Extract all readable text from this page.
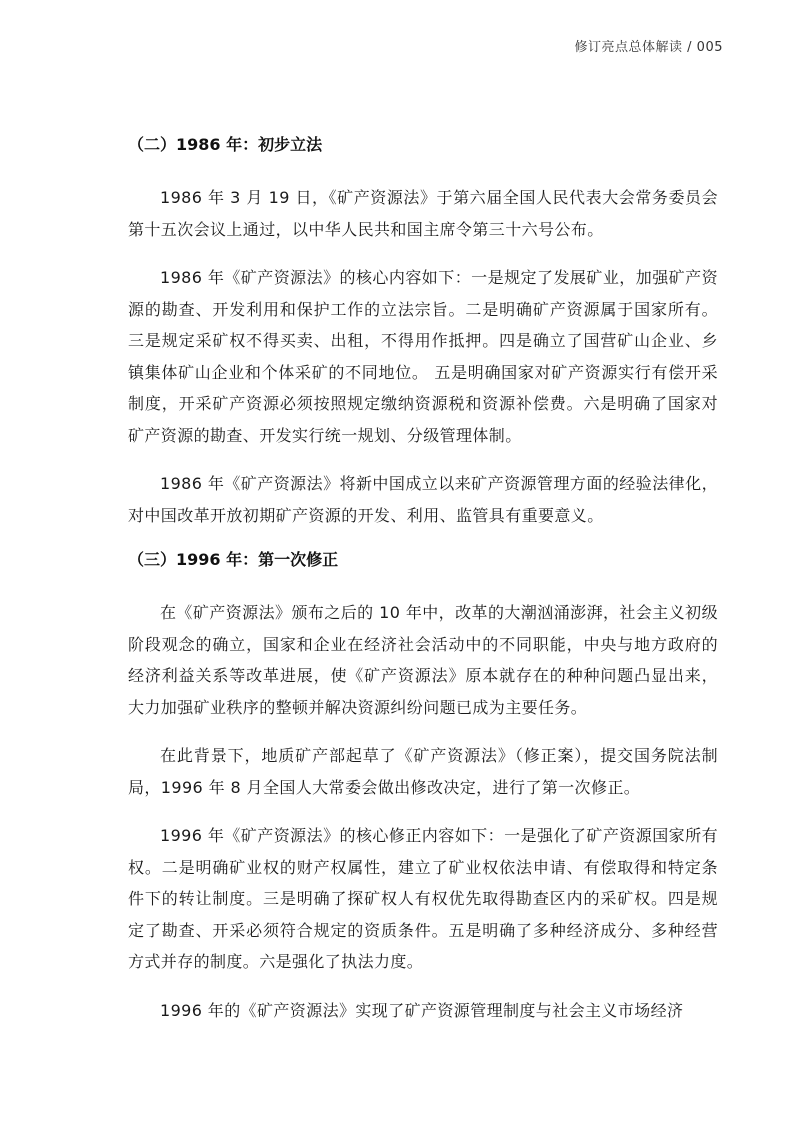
修订亮点总体解读 / 005
（二）1986 年：初步立法

1986 年 3 月 19 日，《矿产资源法》于第六届全国人民代表大会常务委员会第十五次会议上通过，以中华人民共和国主席令第三十六号公布。

1986 年《矿产资源法》的核心内容如下：一是规定了发展矿业，加强矿产资源的勘查、开发利用和保护工作的立法宗旨。二是明确矿产资源属于国家所有。三是规定采矿权不得买卖、出租，不得用作抵押。四是确立了国营矿山企业、乡镇集体矿山企业和个体采矿的不同地位。 五是明确国家对矿产资源实行有偿开采制度，开采矿产资源必须按照规定缴纳资源税和资源补偿费。六是明确了国家对矿产资源的勘查、开发实行统一规划、分级管理体制。

1986 年《矿产资源法》将新中国成立以来矿产资源管理方面的经验法律化，对中国改革开放初期矿产资源的开发、利用、监管具有重要意义。

（三）1996 年：第一次修正

在《矿产资源法》颁布之后的 10 年中，改革的大潮汹涌澎湃，社会主义初级阶段观念的确立，国家和企业在经济社会活动中的不同职能，中央与地方政府的经济利益关系等改革进展，使《矿产资源法》原本就存在的种种问题凸显出来，大力加强矿业秩序的整顿并解决资源纠纷问题已成为主要任务。

在此背景下，地质矿产部起草了《矿产资源法》（修正案），提交国务院法制局，1996 年 8 月全国人大常委会做出修改决定，进行了第一次修正。

1996 年《矿产资源法》的核心修正内容如下：一是强化了矿产资源国家所有权。二是明确矿业权的财产权属性，建立了矿业权依法申请、有偿取得和特定条件下的转让制度。三是明确了探矿权人有权优先取得勘查区内的采矿权。四是规定了勘查、开采必须符合规定的资质条件。五是明确了多种经济成分、多种经营方式并存的制度。六是强化了执法力度。

1996 年的《矿产资源法》实现了矿产资源管理制度与社会主义市场经济
